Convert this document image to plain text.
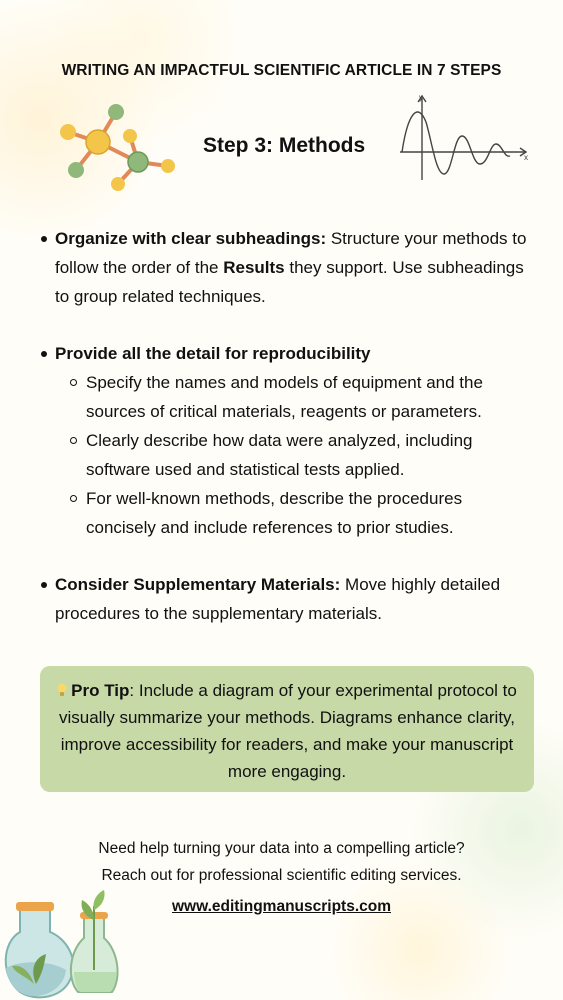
WRITING AN IMPACTFUL SCIENTIFIC ARTICLE IN 7 STEPS
Step 3: Methods
y
x
Organize with clear subheadings: Structure your methods to follow the order of the Results they support. Use subheadings to group related techniques.
Provide all the detail for reproducibility
Specify the names and models of equipment and the sources of critical materials, reagents or parameters.
Clearly describe how data were analyzed, including software used and statistical tests applied.
For well-known methods, describe the procedures concisely and include references to prior studies.
Consider Supplementary Materials: Move highly detailed procedures to the supplementary materials.
Pro Tip: Include a diagram of your experimental protocol to visually summarize your methods. Diagrams enhance clarity, improve accessibility for readers, and make your manuscript more engaging.
Need help turning your data into a compelling article?
Reach out for professional scientific editing services.
www.editingmanuscripts.com
